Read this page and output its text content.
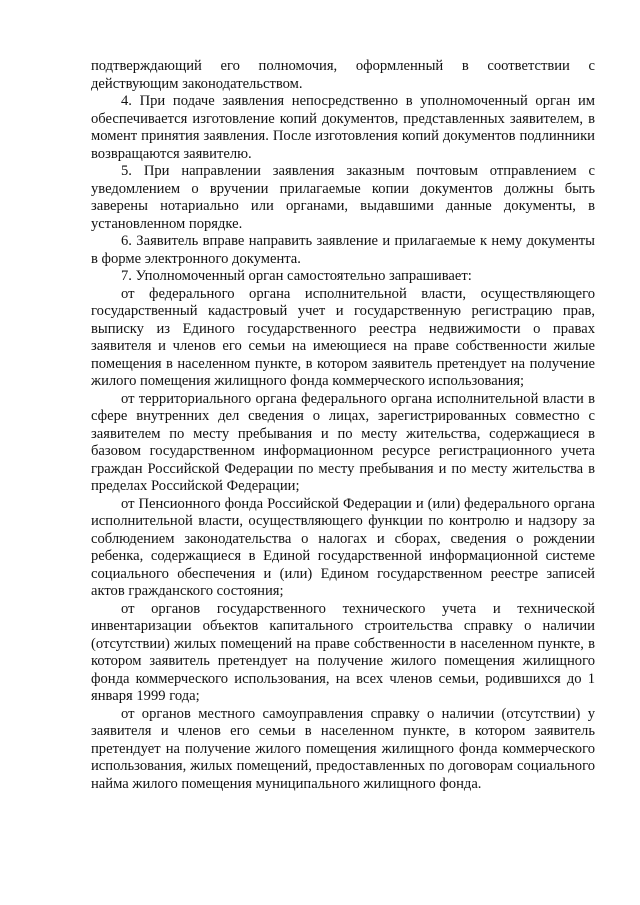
подтверждающий его полномочия, оформленный в соответствии с действующим законодательством.

4. При подаче заявления непосредственно в уполномоченный орган им обеспечивается изготовление копий документов, представленных заявителем, в момент принятия заявления. После изготовления копий документов подлинники возвращаются заявителю.

5. При направлении заявления заказным почтовым отправлением с уведомлением о вручении прилагаемые копии документов должны быть заверены нотариально или органами, выдавшими данные документы, в установленном порядке.

6. Заявитель вправе направить заявление и прилагаемые к нему документы в форме электронного документа.

7. Уполномоченный орган самостоятельно запрашивает:

от федерального органа исполнительной власти, осуществляющего государственный кадастровый учет и государственную регистрацию прав, выписку из Единого государственного реестра недвижимости о правах заявителя и членов его семьи на имеющиеся на праве собственности жилые помещения в населенном пункте, в котором заявитель претендует на получение жилого помещения жилищного фонда коммерческого использования;

от территориального органа федерального органа исполнительной власти в сфере внутренних дел сведения о лицах, зарегистрированных совместно с заявителем по месту пребывания и по месту жительства, содержащиеся в базовом государственном информационном ресурсе регистрационного учета граждан Российской Федерации по месту пребывания и по месту жительства в пределах Российской Федерации;

от Пенсионного фонда Российской Федерации и (или) федерального органа исполнительной власти, осуществляющего функции по контролю и надзору за соблюдением законодательства о налогах и сборах, сведения о рождении ребенка, содержащиеся в Единой государственной информационной системе социального обеспечения и (или) Едином государственном реестре записей актов гражданского состояния;

от органов государственного технического учета и технической инвентаризации объектов капитального строительства справку о наличии (отсутствии) жилых помещений на праве собственности в населенном пункте, в котором заявитель претендует на получение жилого помещения жилищного фонда коммерческого использования, на всех членов семьи, родившихся до 1 января 1999 года;

от органов местного самоуправления справку о наличии (отсутствии) у заявителя и членов его семьи в населенном пункте, в котором заявитель претендует на получение жилого помещения жилищного фонда коммерческого использования, жилых помещений, предоставленных по договорам социального найма жилого помещения муниципального жилищного фонда.
